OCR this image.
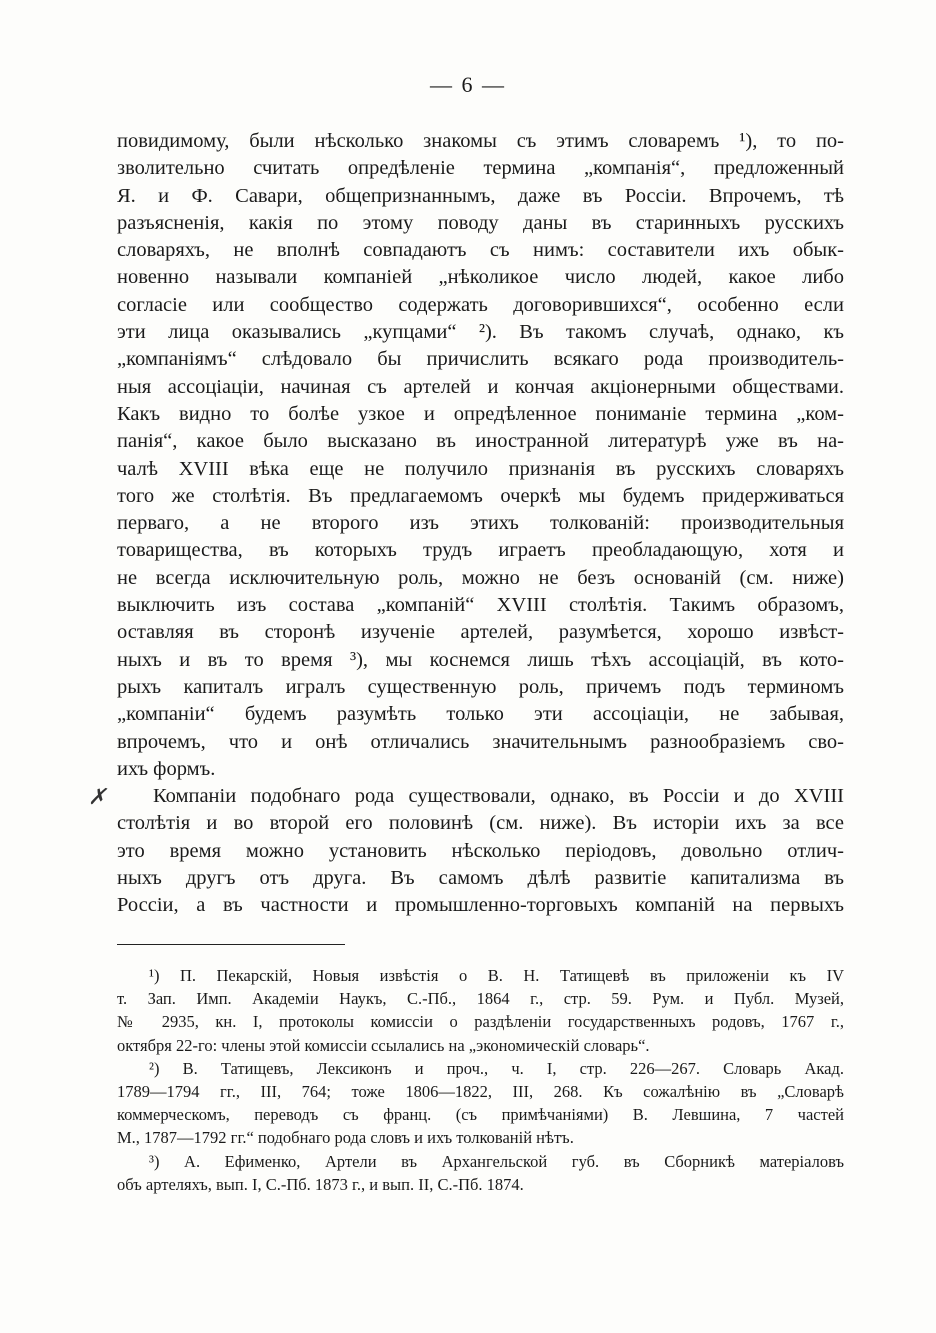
— 6 —
✗
повидимому, были нѣсколько знакомы съ этимъ словаремъ ¹), то по-
зволительно считать опредѣленіе термина „компанія“, предложенный
Я. и Ф. Савари, общепризнаннымъ, даже въ Россіи. Впрочемъ, тѣ
разъясненія, какія по этому поводу даны въ старинныхъ русскихъ
словаряхъ, не вполнѣ совпадаютъ съ нимъ: составители ихъ обык-
новенно называли компаніей „нѣколикое число людей, какое либо
согласіе или сообщество содержать договорившихся“, особенно если
эти лица оказывались „купцами“ ²). Въ такомъ случаѣ, однако, къ
„компаніямъ“ слѣдовало бы причислить всякаго рода производитель-
ныя ассоціаціи, начиная съ артелей и кончая акціонерными обществами.
Какъ видно то болѣе узкое и опредѣленное пониманіе термина „ком-
панія“, какое было высказано въ иностранной литературѣ уже въ на-
чалѣ XVIII вѣка еще не получило признанія въ русскихъ словаряхъ
того же столѣтія. Въ предлагаемомъ очеркѣ мы будемъ придерживаться
перваго, а не второго изъ этихъ толкованій: производительныя
товарищества, въ которыхъ трудъ играетъ преобладающую, хотя и
не всегда исключительную роль, можно не безъ основаній (см. ниже)
выключить изъ состава „компаній“ XVIII столѣтія. Такимъ образомъ,
оставляя въ сторонѣ изученіе артелей, разумѣется, хорошо извѣст-
ныхъ и въ то время ³), мы коснемся лишь тѣхъ ассоціацій, въ кото-
рыхъ капиталъ игралъ существенную роль, причемъ подъ терминомъ
„компаніи“ будемъ разумѣть только эти ассоціаціи, не забывая,
впрочемъ, что и онѣ отличались значительнымъ разнообразіемъ сво-
ихъ формъ.
Компаніи подобнаго рода существовали, однако, въ Россіи и до XVIII
столѣтія и во второй его половинѣ (см. ниже). Въ исторіи ихъ за все
это время можно установить нѣсколько періодовъ, довольно отлич-
ныхъ другъ отъ друга. Въ самомъ дѣлѣ развитіе капитализма въ
Россіи, а въ частности и промышленно-торговыхъ компаній на первыхъ
¹) П. Пекарскій, Новыя извѣстія о В. Н. Татищевѣ въ приложеніи къ IV
т. Зап. Имп. Академіи Наукъ, С.-Пб., 1864 г., стр. 59. Рум. и Публ. Музей,
№ 2935, кн. I, протоколы комиссіи о раздѣленіи государственныхъ родовъ, 1767 г.,
октября 22-го: члены этой комиссіи ссылались на „экономическій словарь“.
²) В. Татищевъ, Лексиконъ и проч., ч. I, стр. 226—267. Словарь Акад.
1789—1794 гг., III, 764; тоже 1806—1822, III, 268. Къ сожалѣнію въ „Словарѣ
коммерческомъ, переводъ съ франц. (съ примѣчаніями) В. Левшина, 7 частей
М., 1787—1792 гг.“ подобнаго рода словъ и ихъ толкованій нѣтъ.
³) А. Ефименко, Артели въ Архангельской губ. въ Сборникѣ матеріаловъ
объ артеляхъ, вып. I, С.-Пб. 1873 г., и вып. II, С.-Пб. 1874.
